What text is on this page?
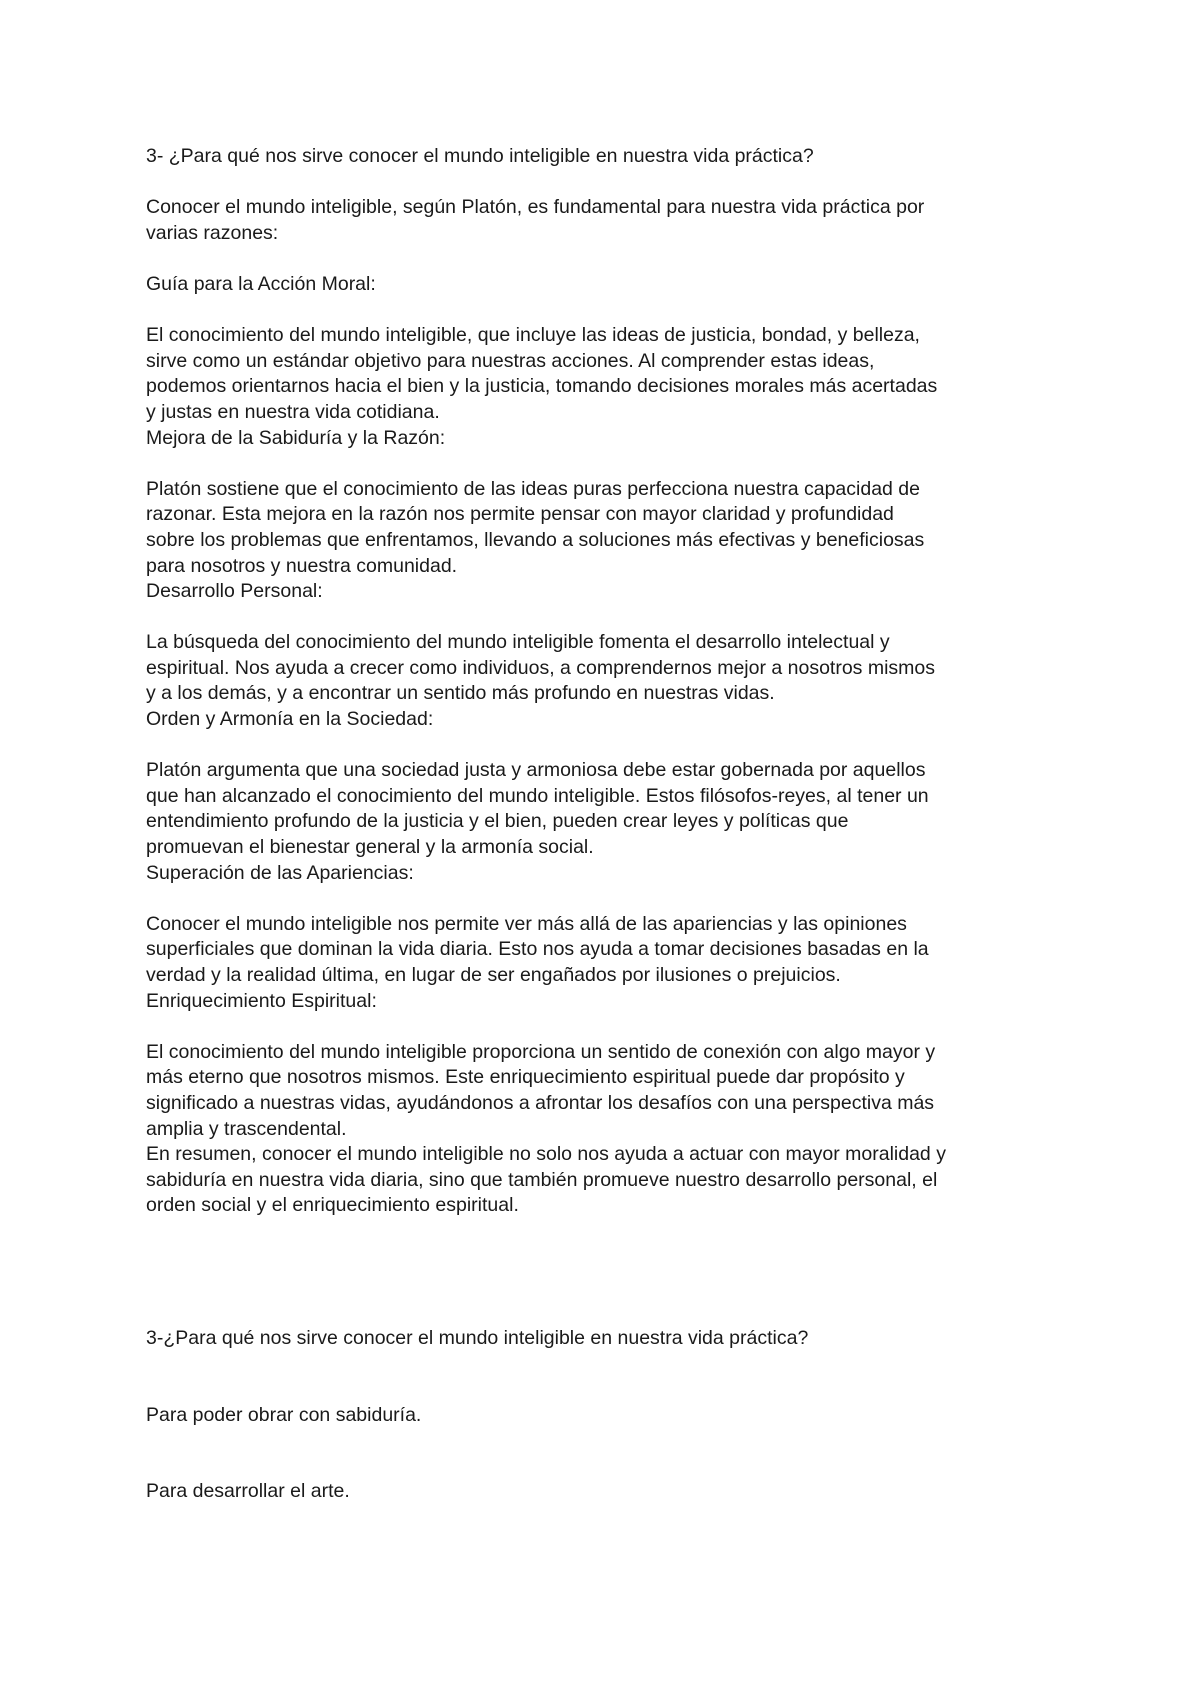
3- ¿Para qué nos sirve conocer el mundo inteligible en nuestra vida práctica?

Conocer el mundo inteligible, según Platón, es fundamental para nuestra vida práctica por

varias razones:

Guía para la Acción Moral:

El conocimiento del mundo inteligible, que incluye las ideas de justicia, bondad, y belleza,

sirve como un estándar objetivo para nuestras acciones. Al comprender estas ideas,

podemos orientarnos hacia el bien y la justicia, tomando decisiones morales más acertadas

y justas en nuestra vida cotidiana.

Mejora de la Sabiduría y la Razón:

Platón sostiene que el conocimiento de las ideas puras perfecciona nuestra capacidad de

razonar. Esta mejora en la razón nos permite pensar con mayor claridad y profundidad

sobre los problemas que enfrentamos, llevando a soluciones más efectivas y beneficiosas

para nosotros y nuestra comunidad.

Desarrollo Personal:

La búsqueda del conocimiento del mundo inteligible fomenta el desarrollo intelectual y

espiritual. Nos ayuda a crecer como individuos, a comprendernos mejor a nosotros mismos

y a los demás, y a encontrar un sentido más profundo en nuestras vidas.

Orden y Armonía en la Sociedad:

Platón argumenta que una sociedad justa y armoniosa debe estar gobernada por aquellos

que han alcanzado el conocimiento del mundo inteligible. Estos filósofos-reyes, al tener un

entendimiento profundo de la justicia y el bien, pueden crear leyes y políticas que

promuevan el bienestar general y la armonía social.

Superación de las Apariencias:

Conocer el mundo inteligible nos permite ver más allá de las apariencias y las opiniones

superficiales que dominan la vida diaria. Esto nos ayuda a tomar decisiones basadas en la

verdad y la realidad última, en lugar de ser engañados por ilusiones o prejuicios.

Enriquecimiento Espiritual:

El conocimiento del mundo inteligible proporciona un sentido de conexión con algo mayor y

más eterno que nosotros mismos. Este enriquecimiento espiritual puede dar propósito y

significado a nuestras vidas, ayudándonos a afrontar los desafíos con una perspectiva más

amplia y trascendental.

En resumen, conocer el mundo inteligible no solo nos ayuda a actuar con mayor moralidad y

sabiduría en nuestra vida diaria, sino que también promueve nuestro desarrollo personal, el

orden social y el enriquecimiento espiritual.

3-¿Para qué nos sirve conocer el mundo inteligible en nuestra vida práctica?

Para poder obrar con sabiduría.

Para desarrollar el arte.
